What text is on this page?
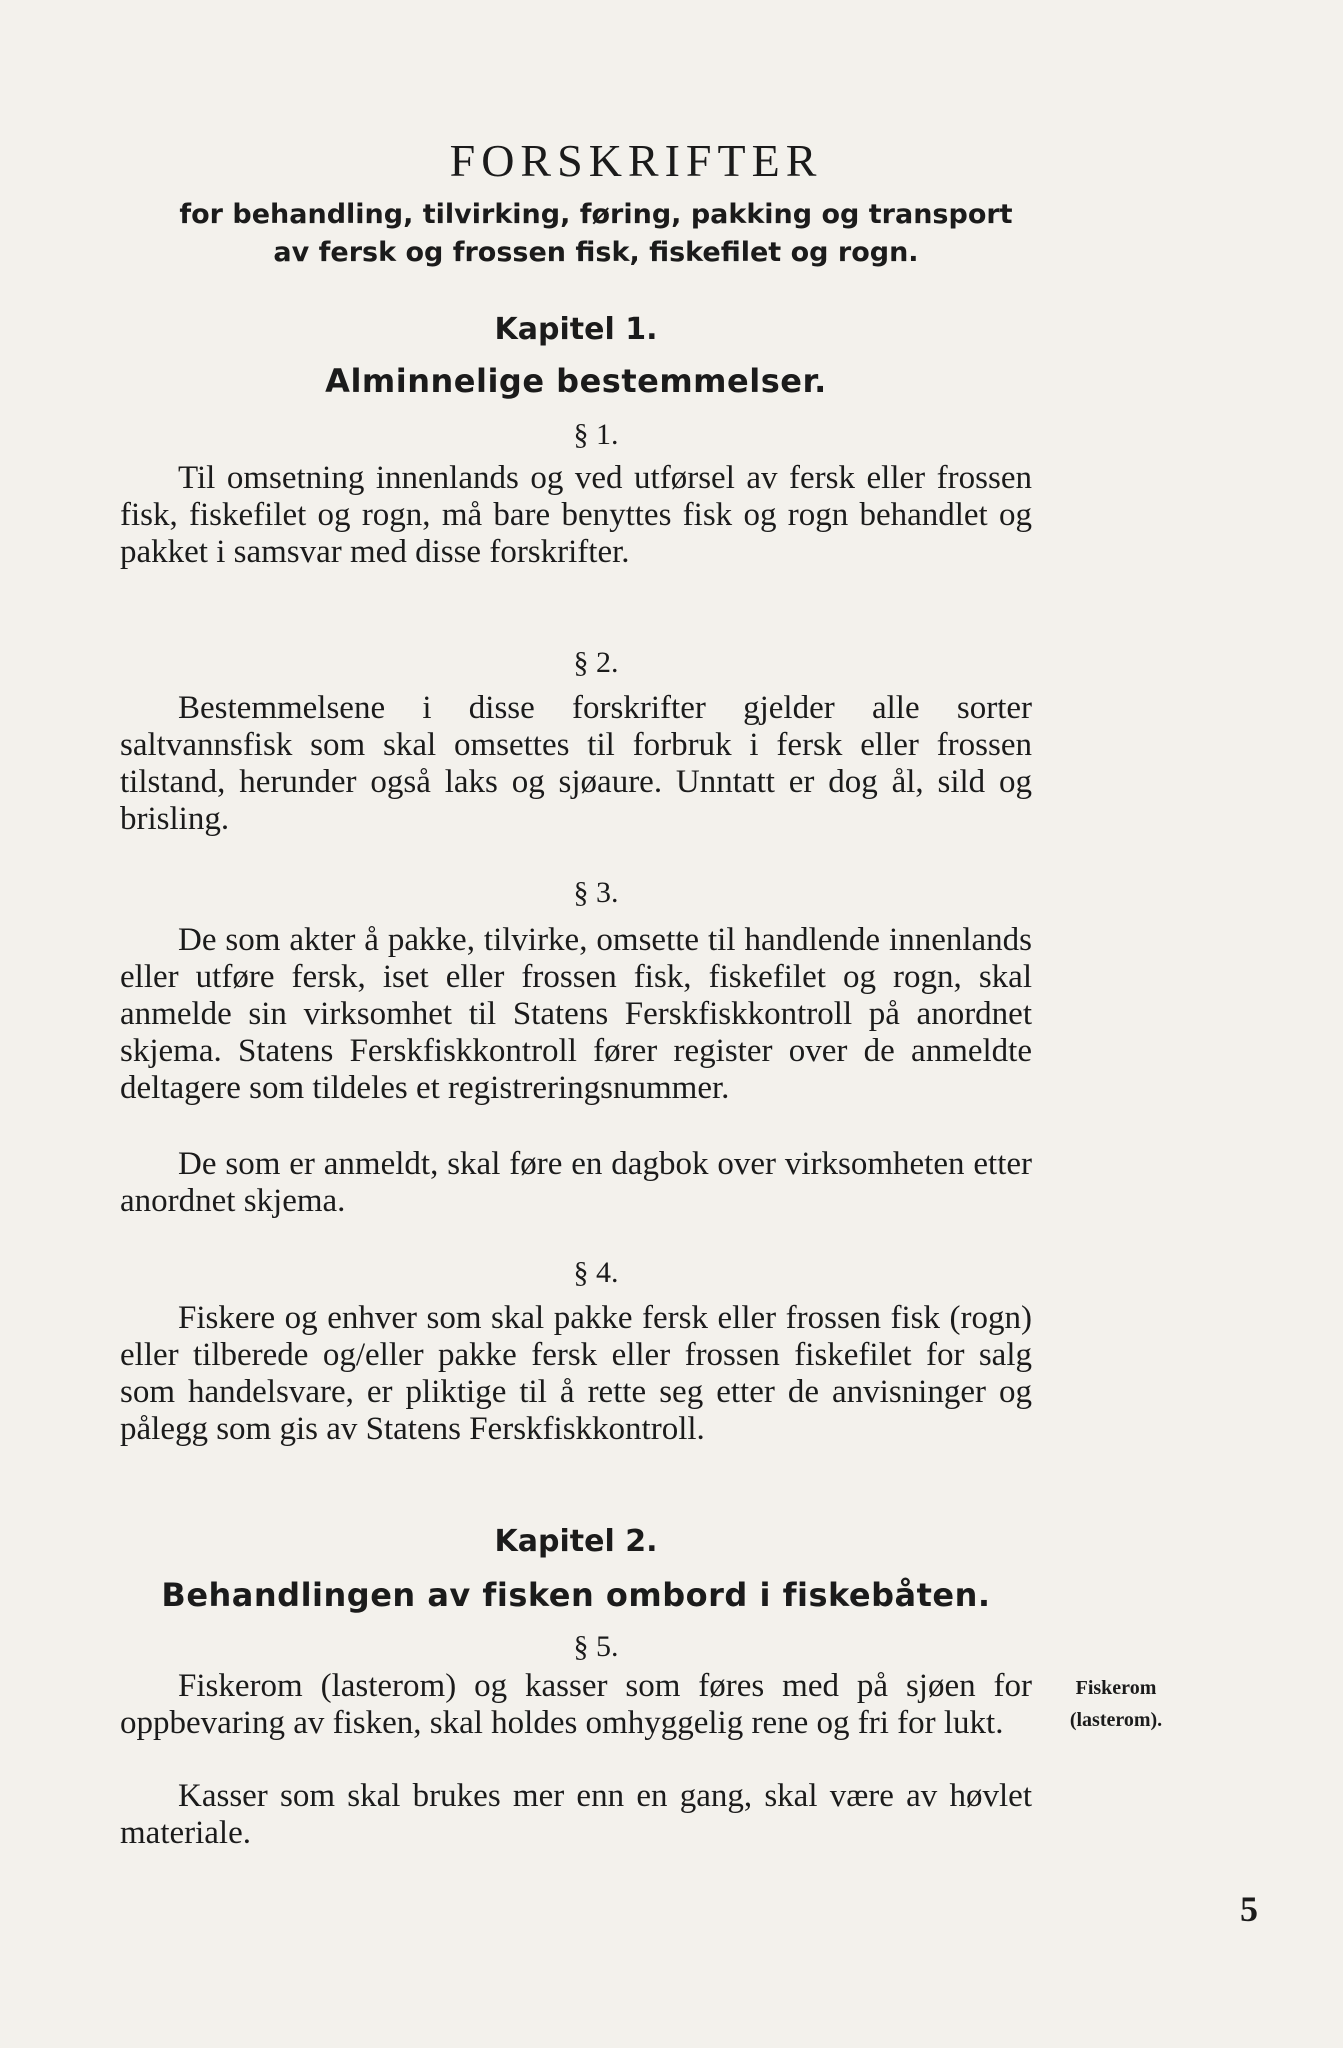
FORSKRIFTER
for behandling, tilvirking, føring, pakking og transport
av fersk og frossen fisk, fiskefilet og rogn.
Kapitel 1.
Alminnelige bestemmelser.
§ 1.
Til omsetning innenlands og ved utførsel av fersk eller frossen fisk, fiskefilet og rogn, må bare benyttes fisk og rogn behandlet og pakket i samsvar med disse forskrifter.
§ 2.
Bestemmelsene i disse forskrifter gjelder alle sorter saltvannsfisk som skal omsettes til forbruk i fersk eller frossen tilstand, herunder også laks og sjøaure. Unntatt er dog ål, sild og brisling.
§ 3.
De som akter å pakke, tilvirke, omsette til handlende innenlands eller utføre fersk, iset eller frossen fisk, fiskefilet og rogn, skal anmelde sin virksomhet til Statens Ferskfiskkontroll på anordnet skjema. Statens Ferskfiskkontroll fører register over de anmeldte deltagere som tildeles et registreringsnummer.
De som er anmeldt, skal føre en dagbok over virksomheten etter anordnet skjema.
§ 4.
Fiskere og enhver som skal pakke fersk eller frossen fisk (rogn) eller tilberede og/eller pakke fersk eller frossen fiskefilet for salg som handelsvare, er pliktige til å rette seg etter de anvisninger og pålegg som gis av Statens Ferskfiskkontroll.
Kapitel 2.
Behandlingen av fisken ombord i fiskebåten.
§ 5.
Fiskerom (lasterom) og kasser som føres med på sjøen for oppbevaring av fisken, skal holdes omhyggelig rene og fri for lukt.
Kasser som skal brukes mer enn en gang, skal være av høvlet materiale.
Fiskerom
(lasterom).
5
